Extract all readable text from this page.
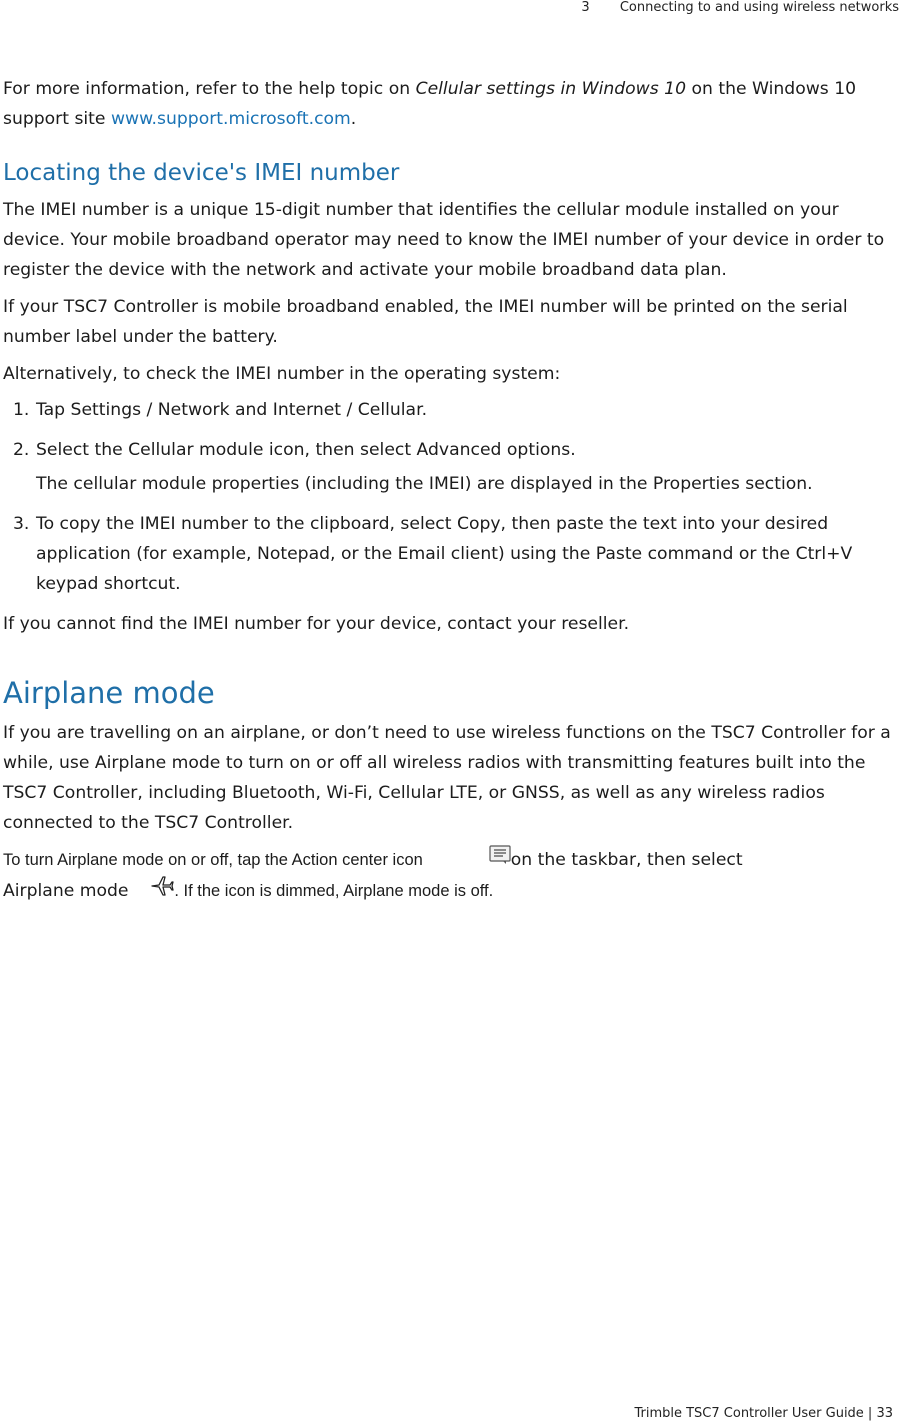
3 Connecting to and using wireless networks

For more information, refer to the help topic on Cellular settings in Windows 10 on the Windows 10 support site www.support.microsoft.com.

Locating the device's IMEI number

The IMEI number is a unique 15-digit number that identifies the cellular module installed on your device. Your mobile broadband operator may need to know the IMEI number of your device in order to register the device with the network and activate your mobile broadband data plan.

If your TSC7 Controller is mobile broadband enabled, the IMEI number will be printed on the serial number label under the battery.

Alternatively, to check the IMEI number in the operating system:

1. Tap Settings / Network and Internet / Cellular.
2. Select the Cellular module icon, then select Advanced options.

The cellular module properties (including the IMEI) are displayed in the Properties section.

3. To copy the IMEI number to the clipboard, select Copy, then paste the text into your desired application (for example, Notepad, or the Email client) using the Paste command or the Ctrl+V keypad shortcut.

If you cannot find the IMEI number for your device, contact your reseller.

Airplane mode

If you are travelling on an airplane, or don’t need to use wireless functions on the TSC7 Controller for a while, use Airplane mode to turn on or off all wireless radios with transmitting features built into the TSC7 Controller, including Bluetooth, Wi-Fi, Cellular LTE, or GNSS, as well as any wireless radios connected to the TSC7 Controller.

To turn Airplane mode on or off, tap the Action center icon	on the taskbar, then select
Airplane mode	. If the icon is dimmed, Airplane mode is off.

Trimble TSC7 Controller User Guide | 33
